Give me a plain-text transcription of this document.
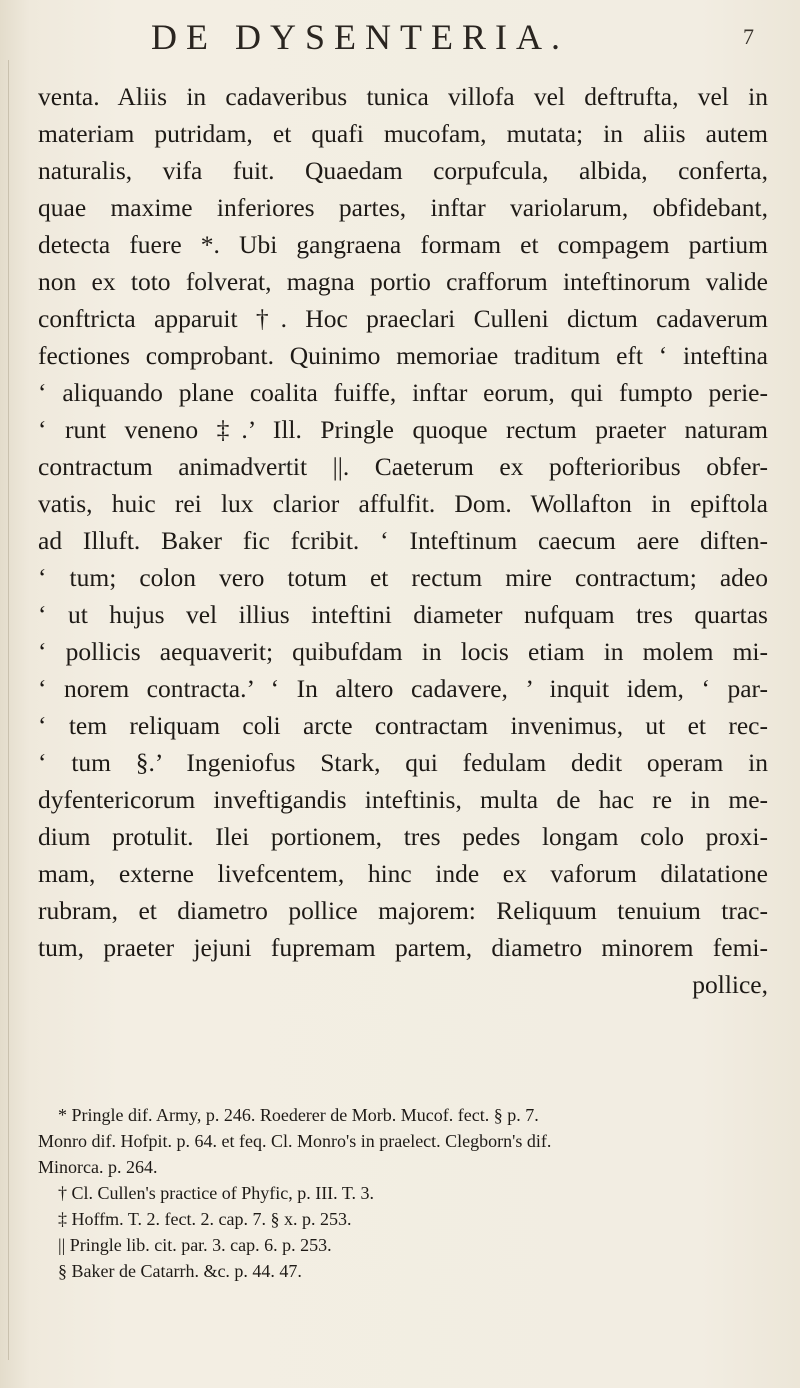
DE DYSENTERIA.	7
venta. Aliis in cadaveribus tunica villofa vel deftrufta, vel in
materiam putridam, et quafi mucofam, mutata; in aliis autem
naturalis, vifa fuit. Quaedam corpufcula, albida, conferta,
quae maxime inferiores partes, inftar variolarum, obfidebant,
detecta fuere *. Ubi gangraena formam et compagem partium
non ex toto folverat, magna portio crafforum inteftinorum valide
conftricta apparuit †. Hoc praeclari Culleni dictum cadaverum
fectiones comprobant. Quinimo memoriae traditum eft ‘ inteftina
‘ aliquando plane coalita fuiffe, inftar eorum, qui fumpto perie-
‘ runt veneno ‡.’ Ill. Pringle quoque rectum praeter naturam
contractum animadvertit ||. Caeterum ex pofterioribus obfer-
vatis, huic rei lux clarior affulfit. Dom. Wollafton in epiftola
ad Illuft. Baker fic fcribit. ‘ Inteftinum caecum aere diften-
‘ tum; colon vero totum et rectum mire contractum; adeo
‘ ut hujus vel illius inteftini diameter nufquam tres quartas
‘ pollicis aequaverit; quibufdam in locis etiam in molem mi-
‘ norem contracta.’ ‘ In altero cadavere, ’ inquit idem, ‘ par-
‘ tem reliquam coli arcte contractam invenimus, ut et rec-
‘ tum §.’ Ingeniofus Stark, qui fedulam dedit operam in
dyfentericorum inveftigandis inteftinis, multa de hac re in me-
dium protulit. Ilei portionem, tres pedes longam colo proxi-
mam, externe livefcentem, hinc inde ex vaforum dilatatione
rubram, et diametro pollice majorem: Reliquum tenuium trac-
tum, praeter jejuni fupremam partem, diametro minorem femi-
pollice,
* Pringle dif. Army, p. 246. Roederer de Morb. Mucof. fect. § p. 7.
Monro dif. Hofpit. p. 64. et feq. Cl. Monro's in praelect. Clegborn's dif.
Minorca. p. 264.
† Cl. Cullen's practice of Phyfic, p. III. T. 3.
‡ Hoffm. T. 2. fect. 2. cap. 7. § x. p. 253.
|| Pringle lib. cit. par. 3. cap. 6. p. 253.
§ Baker de Catarrh. &c. p. 44. 47.
